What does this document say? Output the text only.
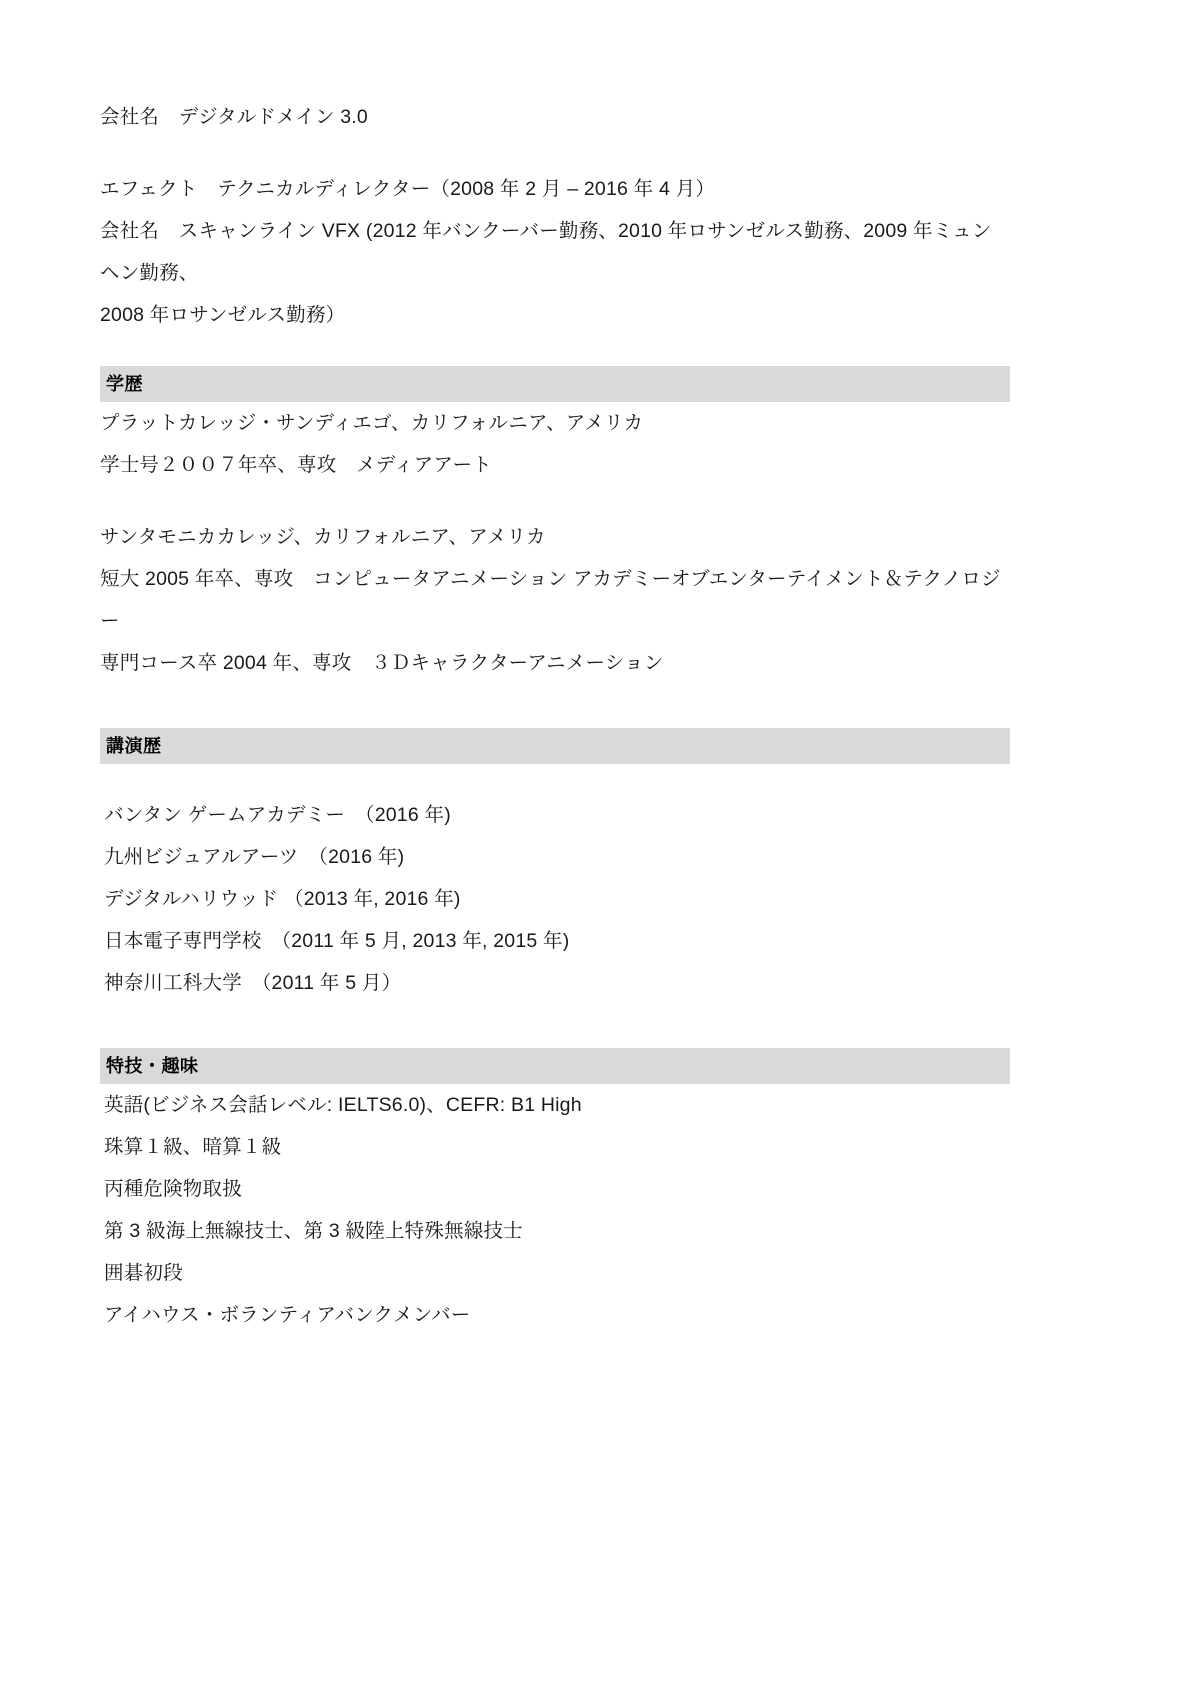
会社名　デジタルドメイン 3.0
エフェクト　テクニカルディレクター（2008 年 2 月 – 2016 年 4 月）
会社名　スキャンライン VFX (2012 年バンクーバー勤務、2010 年ロサンゼルス勤務、2009 年ミュンヘン勤務、
2008 年ロサンゼルス勤務）
学歴
プラットカレッジ・サンディエゴ、カリフォルニア、アメリカ
学士号２００７年卒、専攻　メディアアート
サンタモニカカレッジ、カリフォルニア、アメリカ
短大 2005 年卒、専攻　コンピュータアニメーション アカデミーオブエンターテイメント＆テクノロジー
専門コース卒 2004 年、専攻　３Ｄキャラクターアニメーション
講演歴
バンタン ゲームアカデミー　（2016 年)
九州ビジュアルアーツ　（2016 年)
デジタルハリウッド （2013 年, 2016 年)
日本電子専門学校　（2011 年 5 月, 2013 年, 2015 年)
神奈川工科大学　（2011 年 5 月）
特技・趣味
英語(ビジネス会話レベル: IELTS6.0)、CEFR: B1 High
珠算１級、暗算１級
丙種危険物取扱
第 3 級海上無線技士、第 3 級陸上特殊無線技士
囲碁初段
アイハウス・ボランティアバンクメンバー
